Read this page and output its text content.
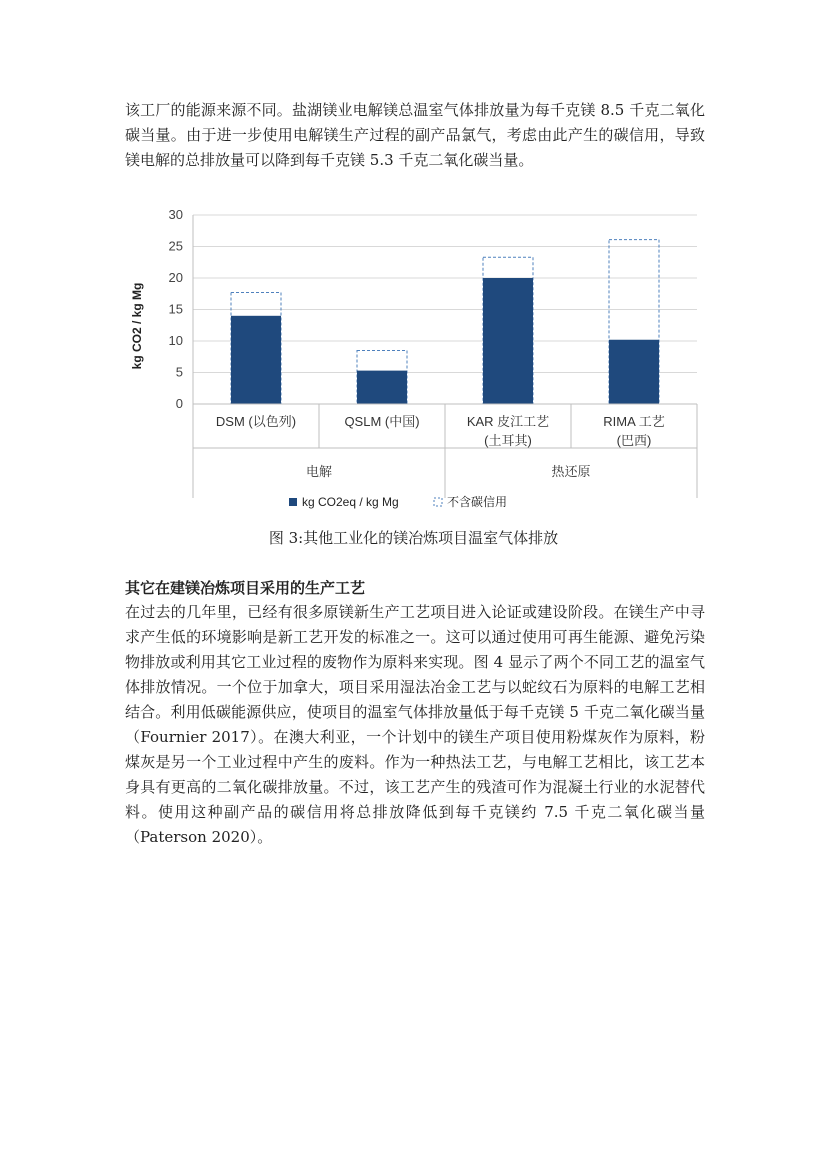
该工厂的能源来源不同。盐湖镁业电解镁总温室气体排放量为每千克镁 8.5 千克二氧化碳当量。由于进一步使用电解镁生产过程的副产品氯气，考虑由此产生的碳信用，导致镁电解的总排放量可以降到每千克镁 5.3 千克二氧化碳当量。

kg CO2 / kg Mg
0
5
10
15
20
25
30
DSM (以色列)	QSLM (中国)	KAR 皮江工艺
(土耳其)
RIMA 工艺
(巴西)
电解	热还原
kg CO2eq / kg Mg	不含碳信用

图 3:其他工业化的镁冶炼项目温室气体排放

其它在建镁冶炼项目采用的生产工艺

在过去的几年里，已经有很多原镁新生产工艺项目进入论证或建设阶段。在镁生产中寻求产生低的环境影响是新工艺开发的标准之一。这可以通过使用可再生能源、避免污染物排放或利用其它工业过程的废物作为原料来实现。图 4 显示了两个不同工艺的温室气体排放情况。一个位于加拿大，项目采用湿法冶金工艺与以蛇纹石为原料的电解工艺相结合。利用低碳能源供应，使项目的温室气体排放量低于每千克镁 5 千克二氧化碳当量（Fournier 2017）。在澳大利亚，一个计划中的镁生产项目使用粉煤灰作为原料，粉煤灰是另一个工业过程中产生的废料。作为一种热法工艺，与电解工艺相比，该工艺本身具有更高的二氧化碳排放量。不过，该工艺产生的残渣可作为混凝土行业的水泥替代料。使用这种副产品的碳信用将总排放降低到每千克镁约 7.5 千克二氧化碳当量（Paterson 2020）。
